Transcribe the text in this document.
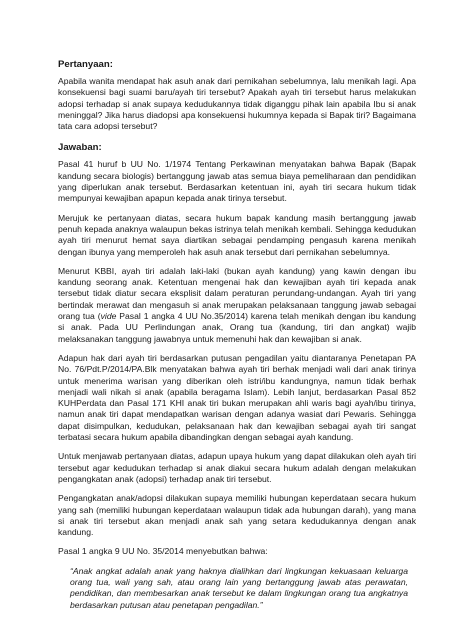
Pertanyaan:

Apabila wanita mendapat hak asuh anak dari pernikahan sebelumnya, lalu menikah lagi. Apa konsekuensi bagi suami baru/ayah tiri tersebut? Apakah ayah tiri tersebut harus melakukan adopsi terhadap si anak supaya kedudukannya tidak diganggu pihak lain apabila Ibu si anak meninggal? Jika harus diadopsi apa konsekuensi hukumnya kepada si Bapak tiri? Bagaimana tata cara adopsi tersebut?

Jawaban:

Pasal 41 huruf b UU No. 1/1974 Tentang Perkawinan menyatakan bahwa Bapak (Bapak kandung secara biologis) bertanggung jawab atas semua biaya pemeliharaan dan pendidikan yang diperlukan anak tersebut. Berdasarkan ketentuan ini, ayah tiri secara hukum tidak mempunyai kewajiban apapun kepada anak tirinya tersebut.

Merujuk ke pertanyaan diatas, secara hukum bapak kandung masih bertanggung jawab penuh kepada anaknya walaupun bekas istrinya telah menikah kembali. Sehingga kedudukan ayah tiri menurut hemat saya diartikan sebagai pendamping pengasuh karena menikah dengan ibunya yang memperoleh hak asuh anak tersebut dari pernikahan sebelumnya.

Menurut KBBI, ayah tiri adalah laki-laki (bukan ayah kandung) yang kawin dengan ibu kandung seorang anak. Ketentuan mengenai hak dan kewajiban ayah tiri kepada anak tersebut tidak diatur secara eksplisit dalam peraturan perundang-undangan. Ayah tiri yang bertindak merawat dan mengasuh si anak merupakan pelaksanaan tanggung jawab sebagai orang tua (vide Pasal 1 angka 4 UU No.35/2014) karena telah menikah dengan ibu kandung si anak. Pada UU Perlindungan anak, Orang tua (kandung, tiri dan angkat) wajib melaksanakan tanggung jawabnya untuk memenuhi hak dan kewajiban si anak.

Adapun hak dari ayah tiri berdasarkan putusan pengadilan yaitu diantaranya Penetapan PA No. 76/Pdt.P/2014/PA.Blk menyatakan bahwa ayah tiri berhak menjadi wali dari anak tirinya untuk menerima warisan yang diberikan oleh istri/ibu kandungnya, namun tidak berhak menjadi wali nikah si anak (apabila beragama Islam). Lebih lanjut, berdasarkan Pasal 852 KUHPerdata dan Pasal 171 KHI anak tiri bukan merupakan ahli waris bagi ayah/ibu tirinya, namun anak tiri dapat mendapatkan warisan dengan adanya wasiat dari Pewaris. Sehingga dapat disimpulkan, kedudukan, pelaksanaan hak dan kewajiban sebagai ayah tiri sangat terbatasi secara hukum apabila dibandingkan dengan sebagai ayah kandung.

Untuk menjawab pertanyaan diatas, adapun upaya hukum yang dapat dilakukan oleh ayah tiri tersebut agar kedudukan terhadap si anak diakui secara hukum adalah dengan melakukan pengangkatan anak (adopsi) terhadap anak tiri tersebut.

Pengangkatan anak/adopsi dilakukan supaya memiliki hubungan keperdataan secara hukum yang sah (memiliki hubungan keperdataan walaupun tidak ada hubungan darah), yang mana si anak tiri tersebut akan menjadi anak sah yang setara kedudukannya dengan anak kandung.

Pasal 1 angka 9 UU No. 35/2014 menyebutkan bahwa:

“Anak angkat adalah anak yang haknya dialihkan dari lingkungan kekuasaan keluarga orang tua, wali yang sah, atau orang lain yang bertanggung jawab atas perawatan, pendidikan, dan membesarkan anak tersebut ke dalam lingkungan orang tua angkatnya berdasarkan putusan atau penetapan pengadilan.”
